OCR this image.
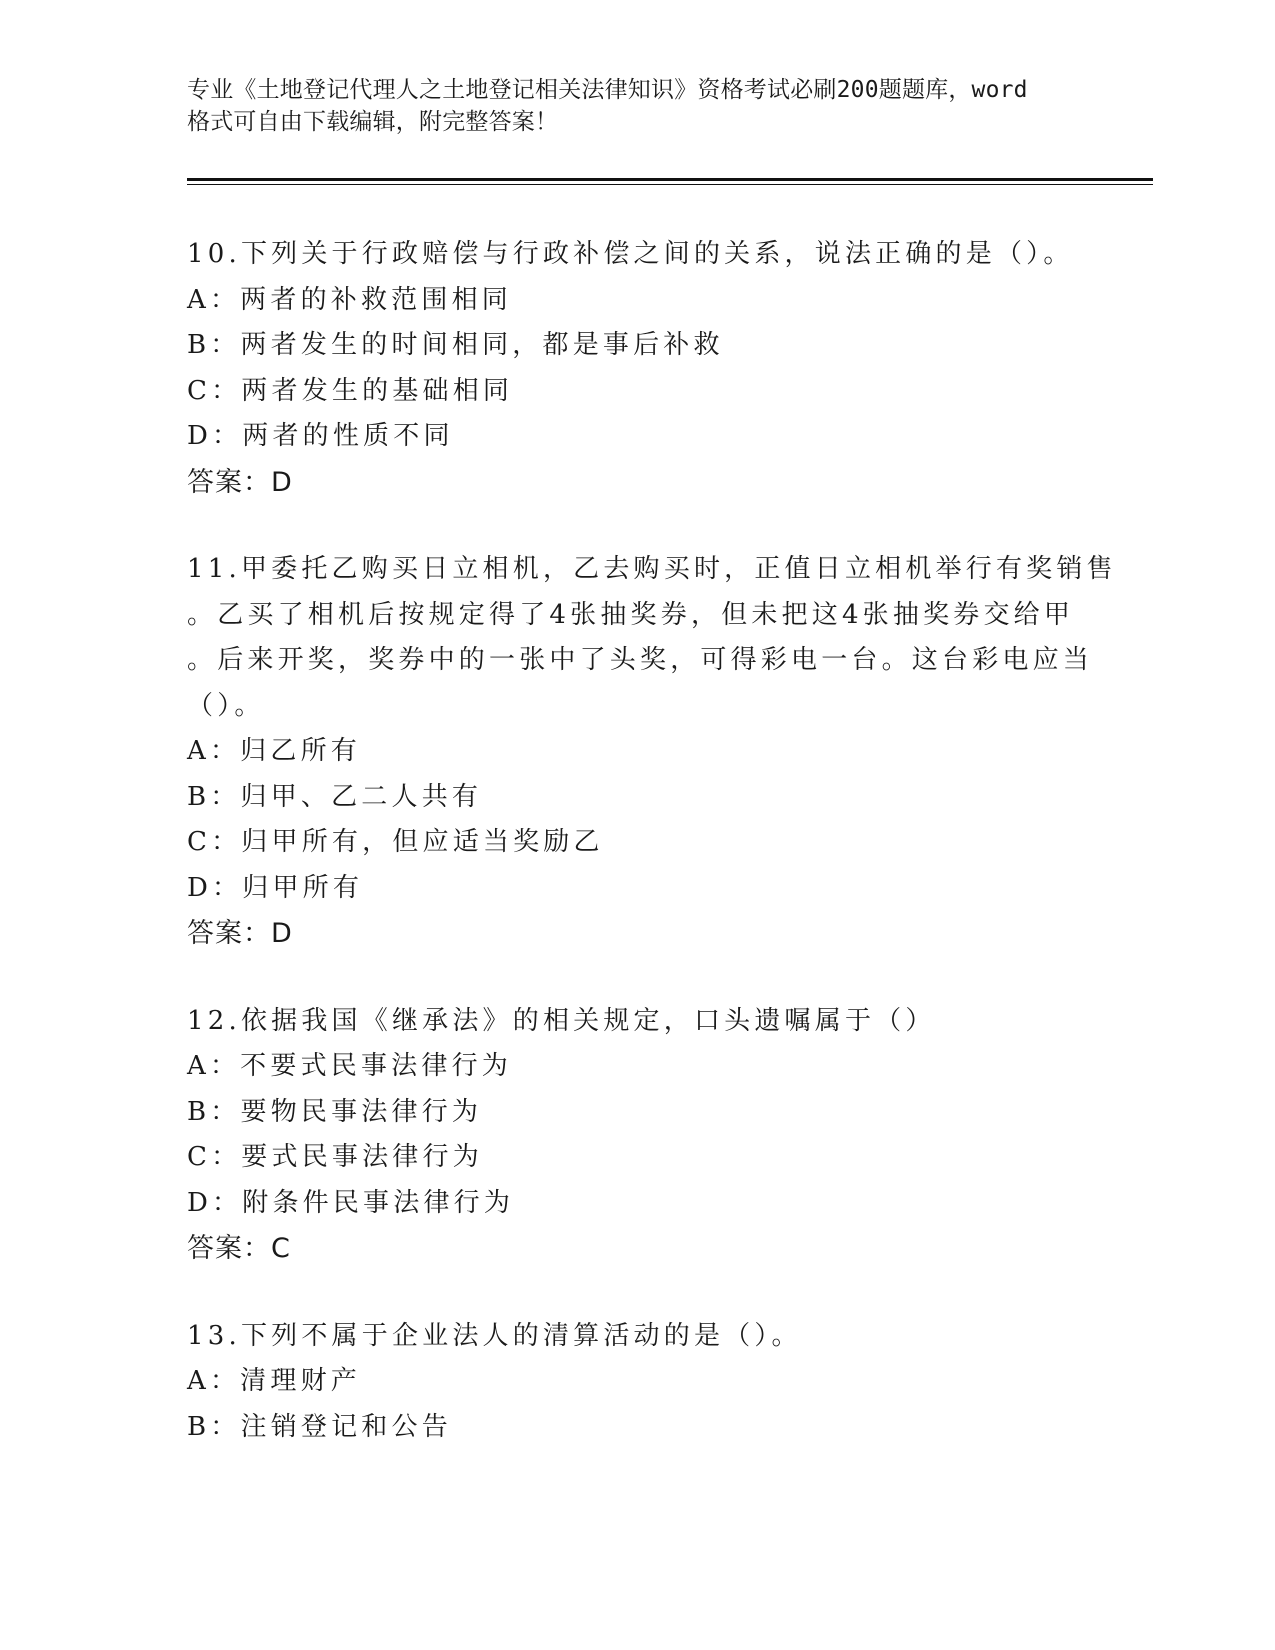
专业《土地登记代理人之土地登记相关法律知识》资格考试必刷200题题库，word
格式可自由下载编辑，附完整答案！
10.下列关于行政赔偿与行政补偿之间的关系，说法正确的是（）。
A：两者的补救范围相同
B：两者发生的时间相同，都是事后补救
C：两者发生的基础相同
D：两者的性质不同
答案：D
11.甲委托乙购买日立相机，乙去购买时，正值日立相机举行有奖销售
。乙买了相机后按规定得了4张抽奖券，但未把这4张抽奖券交给甲
。后来开奖，奖券中的一张中了头奖，可得彩电一台。这台彩电应当
（）。
A：归乙所有
B：归甲、乙二人共有
C：归甲所有，但应适当奖励乙
D：归甲所有
答案：D
12.依据我国《继承法》的相关规定，口头遗嘱属于（）
A：不要式民事法律行为
B：要物民事法律行为
C：要式民事法律行为
D：附条件民事法律行为
答案：C
13.下列不属于企业法人的清算活动的是（）。
A：清理财产
B：注销登记和公告
